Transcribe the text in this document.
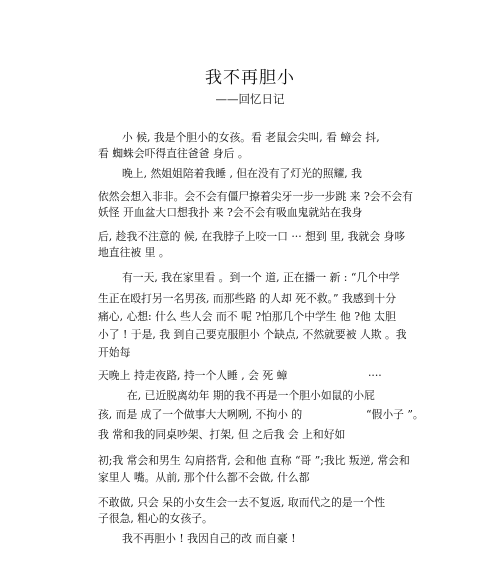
我不再胆小
——回忆日记
小 候, 我是个胆小的女孩。看 老鼠会尖叫, 看 蟑会 抖,
看 蜘蛛会吓得直往爸爸 身后 。
晚上, 然姐姐陪着我睡 , 但在没有了灯光的照耀, 我
依然会想入非非。会不会有僵尸撩着尖牙一步一步跳 来 ?会不会有
妖怪 开血盆大口想我扑 来 ?会不会有吸血鬼就站在我身
后, 趁我不注意的 候, 在我脖子上咬一口 ··· 想到 里, 我就会 身哆
地直往被 里 。
有一天, 我在家里看 。到一个 道, 正在播一 新 : “几个中学
生正在殴打另一名男孩, 而那些路 的人却 死不救。” 我感到十分
痛心, 心想: 什么 些人会 而不 呢 ?怕那几个中学生 他 ?他 太胆
小了 ! 于是, 我 到自己要克服胆小 个缺点, 不然就要被 人欺 。我
开始每
天晚上 持走夜路, 持一个人睡 , 会 死 蟑	····
在, 已近脱离幼年 期的我不再是一个胆小如鼠的小屁
孩, 而是 成了一个做事大大咧咧, 不拘小 的	“假小子 ”。
我 常和我的同桌吵架、打架, 但 之后我 会 上和好如
初;我 常会和男生 勾肩搭背, 会和他 直称 “哥 ”;我比 叛逆, 常会和
家里人 嘴。从前, 那个什么都不会做, 什么都
不敢做, 只会 呆的小女生会一去不复返, 取而代之的是一个性
子很急, 粗心的女孩子。
我不再胆小 ! 我因自己的改 而自豪 !
